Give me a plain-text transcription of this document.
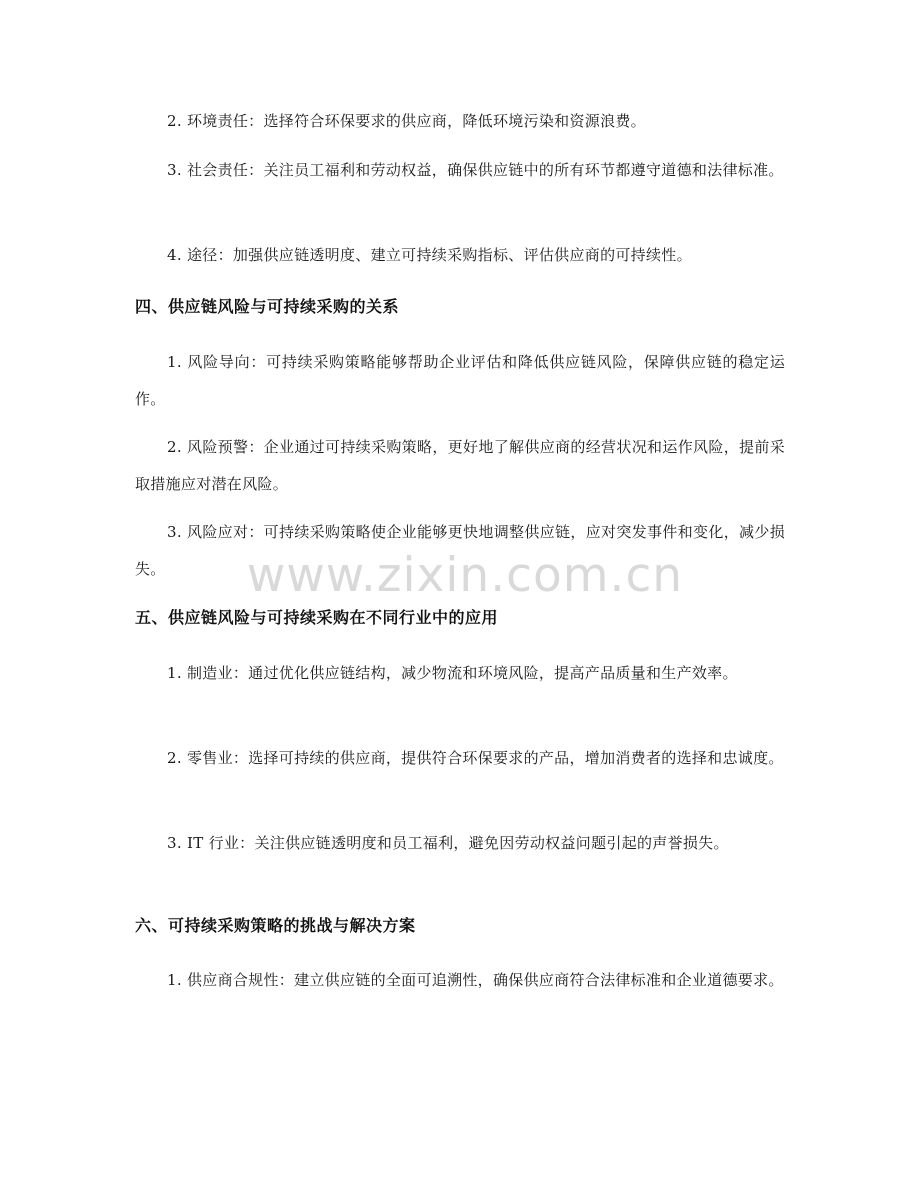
2. 环境责任：选择符合环保要求的供应商，降低环境污染和资源浪费。

3. 社会责任：关注员工福利和劳动权益，确保供应链中的所有环节都遵守道德和法律标准。

4. 途径：加强供应链透明度、建立可持续采购指标、评估供应商的可持续性。

四、供应链风险与可持续采购的关系

1. 风险导向：可持续采购策略能够帮助企业评估和降低供应链风险，保障供应链的稳定运作。

2. 风险预警：企业通过可持续采购策略，更好地了解供应商的经营状况和运作风险，提前采取措施应对潜在风险。

3. 风险应对：可持续采购策略使企业能够更快地调整供应链，应对突发事件和变化，减少损失。

五、供应链风险与可持续采购在不同行业中的应用

1. 制造业：通过优化供应链结构，减少物流和环境风险，提高产品质量和生产效率。

2. 零售业：选择可持续的供应商，提供符合环保要求的产品，增加消费者的选择和忠诚度。

3. IT 行业：关注供应链透明度和员工福利，避免因劳动权益问题引起的声誉损失。

六、可持续采购策略的挑战与解决方案

1. 供应商合规性：建立供应链的全面可追溯性，确保供应商符合法律标准和企业道德要求。

www.zixin.com.cn
